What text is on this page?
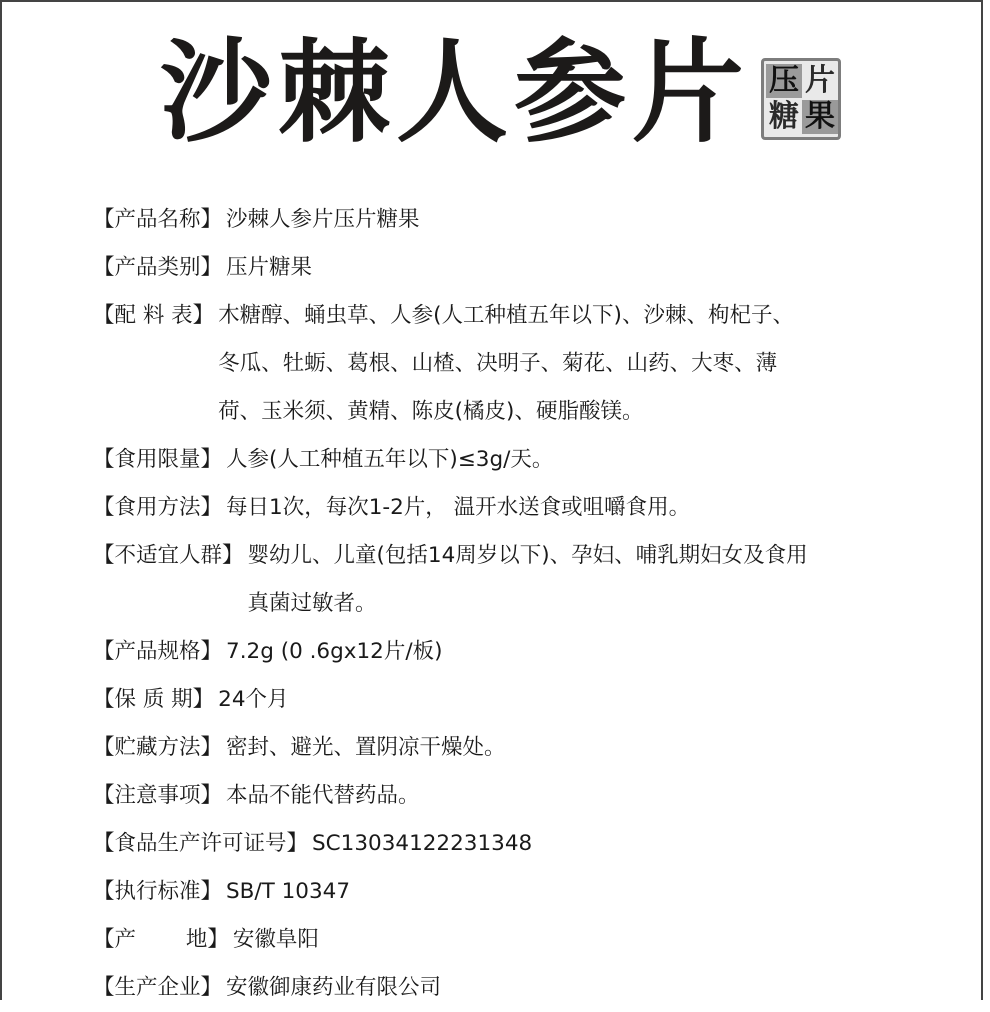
沙棘人参片 压 片
糖 果
【产品名称】 沙棘人参片压片糖果
【产品类别】 压片糖果
【配 料 表】 木糖醇、蛹虫草、人参(人工种植五年以下)、沙棘、枸杞子、
冬瓜、牡蛎、葛根、山楂、决明子、菊花、山药、大枣、薄
荷、玉米须、黄精、陈皮(橘皮)、硬脂酸镁。
【食用限量】 人参(人工种植五年以下)≤3g/天。
【食用方法】 每日1次，每次1-2片， 温开水送食或咀嚼食用。
【不适宜人群】 婴幼儿、儿童(包括14周岁以下)、孕妇、哺乳期妇女及食用
真菌过敏者。
【产品规格】 7.2g (0 .6gx12片/板)
【保 质 期】 24个月
【贮藏方法】 密封、避光、置阴凉干燥处。
【注意事项】 本品不能代替药品。
【食品生产许可证号】 SC13034122231348
【执行标准】 SB/T 10347
【产 　　地】 安徽阜阳
【生产企业】 安徽御康药业有限公司
